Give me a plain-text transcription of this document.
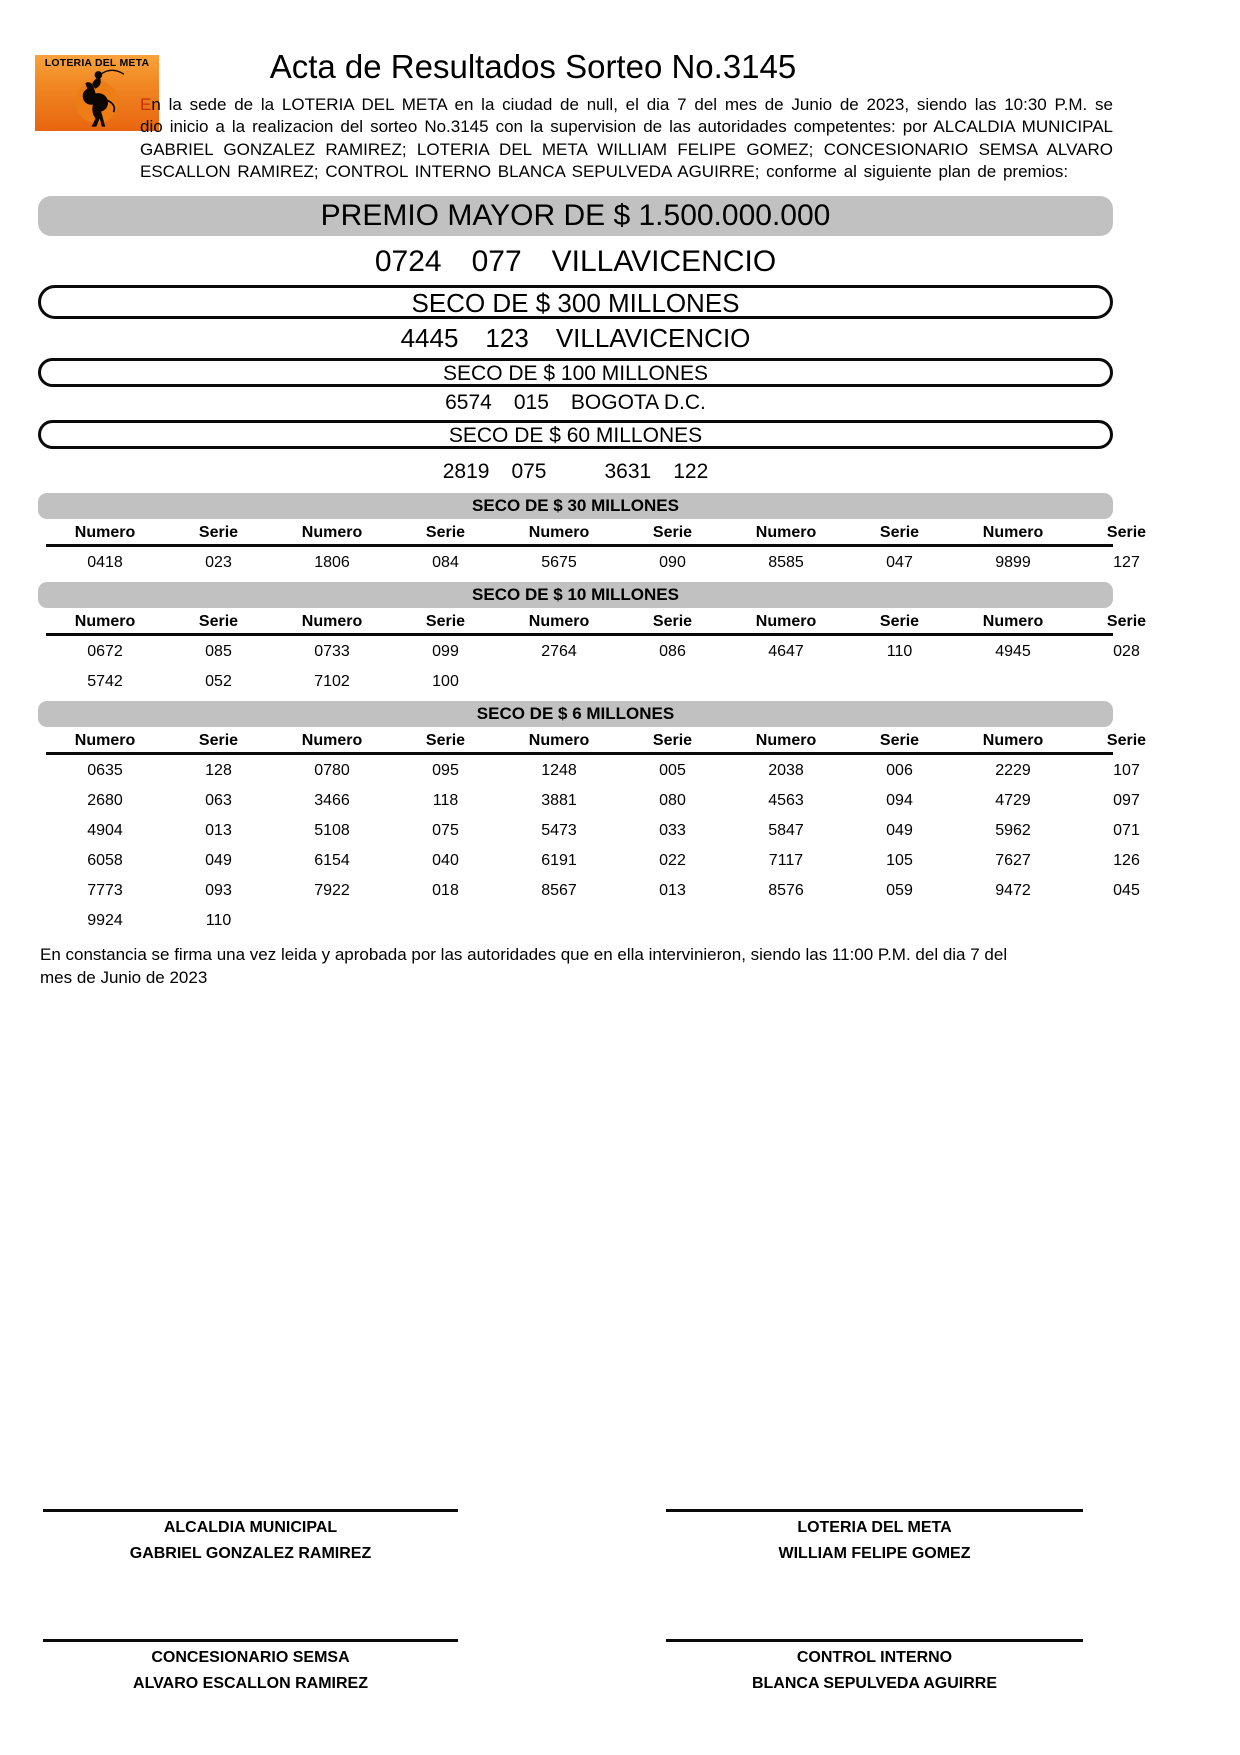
LOTERIA DEL META	Acta de Resultados Sorteo No.3145

En la sede de la LOTERIA DEL META en la ciudad de null, el dia 7 del mes de Junio de 2023, siendo las 10:30 P.M. se dio inicio a la realizacion del sorteo No.3145 con la supervision de las autoridades competentes: por ALCALDIA MUNICIPAL GABRIEL GONZALEZ RAMIREZ; LOTERIA DEL META WILLIAM FELIPE GOMEZ; CONCESIONARIO SEMSA ALVARO ESCALLON RAMIREZ; CONTROL INTERNO BLANCA SEPULVEDA AGUIRRE; conforme al siguiente plan de premios:

PREMIO MAYOR DE $ 1.500.000.000
0724 077 VILLAVICENCIO
SECO DE $ 300 MILLONES
4445 123 VILLAVICENCIO
SECO DE $ 100 MILLONES
6574 015 BOGOTA D.C.
SECO DE $ 60 MILLONES
2819 075	3631 122
SECO DE $ 30 MILLONES
Numero	Serie	Numero	Serie	Numero	Serie	Numero	Serie	Numero	Serie
0418	023	1806	084	5675	090	8585	047	9899	127
SECO DE $ 10 MILLONES
Numero	Serie	Numero	Serie	Numero	Serie	Numero	Serie	Numero	Serie
0672	085	0733	099	2764	086	4647	110	4945	028
5742	052	7102	100
SECO DE $ 6 MILLONES
Numero	Serie	Numero	Serie	Numero	Serie	Numero	Serie	Numero	Serie
0635	128	0780	095	1248	005	2038	006	2229	107
2680	063	3466	118	3881	080	4563	094	4729	097
4904	013	5108	075	5473	033	5847	049	5962	071
6058	049	6154	040	6191	022	7117	105	7627	126
7773	093	7922	018	8567	013	8576	059	9472	045
9924	110

En constancia se firma una vez leida y aprobada por las autoridades que en ella intervinieron, siendo las 11:00 P.M. del dia 7 del mes de Junio de 2023

ALCALDIA MUNICIPAL
GABRIEL GONZALEZ RAMIREZ
LOTERIA DEL META
WILLIAM FELIPE GOMEZ
CONCESIONARIO SEMSA
ALVARO ESCALLON RAMIREZ
CONTROL INTERNO
BLANCA SEPULVEDA AGUIRRE
